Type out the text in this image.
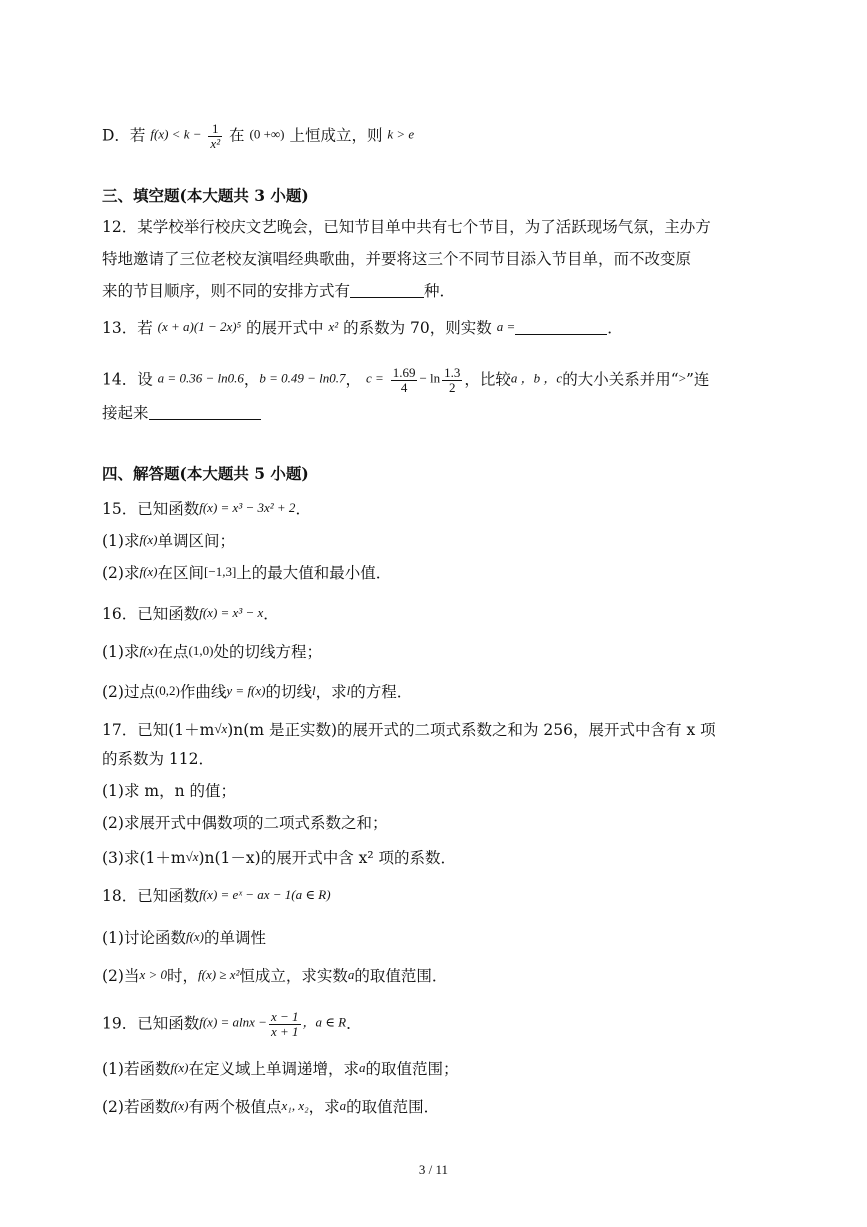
D．若 $f(x) < k - \frac{1}{\text{x²}}$ 在 (0 +∞) 上恒成立，则 k > e
三、填空题(本大题共 3 小题)
12．某学校举行校庆文艺晚会，已知节目单中共有七个节目，为了活跃现场气氛，主办方
特地邀请了三位老校友演唱经典歌曲，并要将这三个不同节目添入节目单，而不改变原
来的节目顺序，则不同的安排方式有	种．
13．若 (x + a)(1 − 2x)⁵ 的展开式中 x² 的系数为 70，则实数 a =	．
14．设 a = 0.36 − ln0.6，b = 0.49 − ln0.7， $c = \frac{1.69}{4} - \ln \frac{1.3}{2}$ ，比较a ，b ，c的大小关系并用“>”连
接起来
四、解答题(本大题共 5 小题)
15．已知函数f(x) = x³ − 3x² + 2．
(1)求f(x)单调区间；
(2)求f(x)在区间[−1,3]上的最大值和最小值．
16．已知函数f(x) = x³ − x．
(1)求f(x)在点(1,0)处的切线方程；
(2)过点(0,2)作曲线y = f(x)的切线l，求l的方程．
17．已知(1＋m√x)n(m 是正实数)的展开式的二项式系数之和为 256，展开式中含有 x 项
的系数为 112．
(1)求 m，n 的值；
(2)求展开式中偶数项的二项式系数之和；
(3)求(1＋m√x)n(1－x)的展开式中含 x² 项的系数．
18．已知函数f(x) = eˣ − ax − 1(a ∈ R)
(1)讨论函数f(x)的单调性
(2)当x > 0时，f(x) ≥ x²恒成立，求实数a的取值范围．
19．已知函数$f(x) = alnx - \frac{x - 1}{x + 1}$ ，a ∈ R．
(1)若函数f(x)在定义域上单调递增，求a的取值范围；
(2)若函数f(x)有两个极值点x₁, x₂，求a的取值范围．
3 / 11
